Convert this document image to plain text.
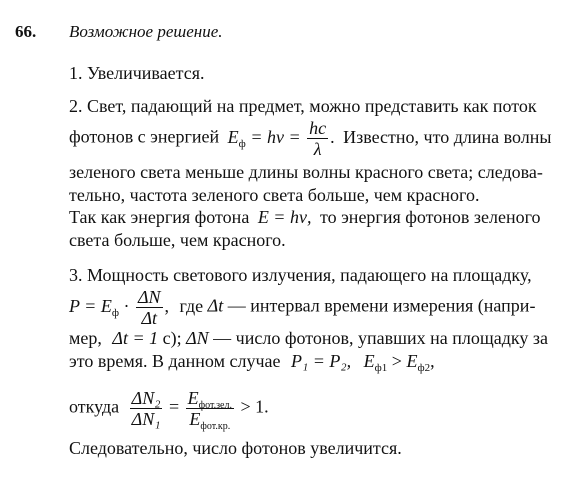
66. Возможное решение.
1. Увеличивается.
2. Свет, падающий на предмет, можно представить как поток
фотонов с энергией $E_ф = h\nu = \frac{hc}{\lambda}$ . Известно, что длина волны
зеленого света меньше длины волны красного света; следова-
тельно, частота зеленого света больше, чем красного.
Так как энергия фотона E = hν, то энергия фотонов зеленого
света больше, чем красного.
3. Мощность светового излучения, падающего на площадку,
$P = E_ф \cdot \frac{\Delta N}{\Delta t}$ , где Δt — интервал времени измерения (напри-
мер, Δt = 1 с); ΔN — число фотонов, упавших на площадку за
это время. В данном случае P₁ = P₂, $E_{ф1} > E_{ф2}$,
откуда $\frac{\text{ΔN₂}}{\text{ΔN₁}} = \frac{E_{фот.зел.}}{E_{фот.кр.}} > 1$.
Следовательно, число фотонов увеличится.
